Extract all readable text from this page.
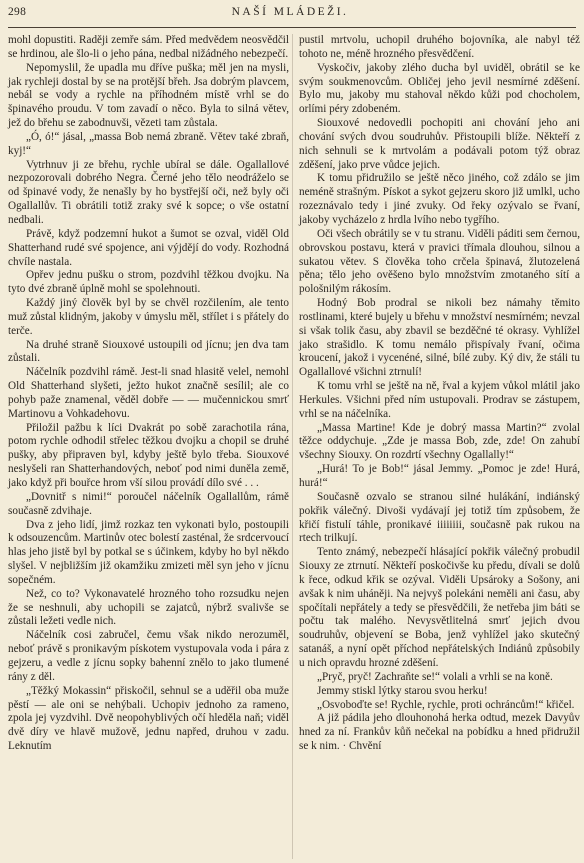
298	NAŠÍ MLÁDEŽI.

mohl dopustiti. Raději zemře sám. Před medvědem neosvědčil se hrdinou, ale šlo-li o jeho pána, nedbal nižádného nebezpečí.

Nepomyslil, že upadla mu dříve puška; měl jen na mysli, jak rychleji dostal by se na protější břeh. Jsa dobrým plavcem, nebál se vody a rychle na příhodném místě vrhl se do špinavého proudu. V tom zavadí o něco. Byla to silná větev, jež do břehu se zabodnuvši, vězeti tam zůstala.

„Ó, ó!“ jásal, „massa Bob nemá zbraně. Větev také zbraň, kyj!“

Vytrhnuv ji ze břehu, rychle ubíral se dále. Ogallallové nezpozorovali dobrého Negra. Černé jeho tělo neodráželo se od špinavé vody, že nenašly by ho bystřejší oči, než byly oči Ogallallův. Ti obrátili totiž zraky své k sopce; o vše ostatní nedbali.

Právě, když podzemní hukot a šumot se ozval, viděl Old Shatterhand rudé své spojence, ani výjdějí do vody. Rozhodná chvíle nastala.

Opřev jednu pušku o strom, pozdvihl těžkou dvojku. Na tyto dvé zbraně úplně mohl se spolehnouti.

Každý jiný člověk byl by se chvěl rozčilením, ale tento muž zůstal klidným, jakoby v úmyslu měl, střílet i s přátely do terče.

Na druhé straně Siouxové ustoupili od jícnu; jen dva tam zůstali.

Náčelník pozdvihl rámě. Jest-li snad hlasitě velel, nemohl Old Shatterhand slyšeti, ježto hukot značně sesílil; ale co pohyb paže znamenal, věděl dobře — — mučennickou smrť Martinovu a Vohkadehovu.

Přiložil pažbu k líci Dvakrát po sobě zarachotila rána, potom rychle odhodil střelec těžkou dvojku a chopil se druhé pušky, aby připraven byl, kdyby ještě bylo třeba. Siouxové neslyšeli ran Shatterhandových, neboť pod nimi duněla země, jako když při bouřce hrom vší silou provádí dílo své . . .

„Dovnitř s nimi!“ poroučel náčelník Ogallallům, rámě současně zdvihaje.

Dva z jeho lidí, jimž rozkaz ten vykonati bylo, postoupili k odsouzencům. Martinův otec bolestí zasténal, že srdcervoucí hlas jeho jistě byl by potkal se s účinkem, kdyby ho byl někdo slyšel. V nejbližším již okamžiku zmizeti měl syn jeho v jícnu sopečném.

Než, co to? Vykonavatelé hrozného toho rozsudku nejen že se neshnuli, aby uchopili se zajatců, nýbrž svalivše se zůstali ležeti vedle nich.

Náčelník cosi zabručel, čemu však nikdo nerozuměl, neboť právě s pronikavým pískotem vystupovala voda i pára z gejzeru, a vedle z jícnu sopky bahenní znělo to jako tlumené rány z děl.

„Těžký Mokassin“ přiskočil, sehnul se a uděřil oba muže pěstí — ale oni se nehýbali. Uchopiv jednoho za rameno, zpola jej vyzdvihl. Dvě neopohyblivých očí hleděla naň; viděl dvě díry ve hlavě mužově, jednu napřed, druhou v zadu. Leknutím

pustil mrtvolu, uchopil druhého bojovníka, ale nabyl též tohoto ne, méně hrozného přesvědčení.

Vyskočiv, jakoby zlého ducha byl uviděl, obrátil se ke svým soukmenovcům. Obličej jeho jevil nesmírné zděšení. Bylo mu, jakoby mu stahoval někdo kůži pod chocholem, orlími péry zdobeném.

Siouxové nedovedli pochopiti ani chování jeho ani chování svých dvou soudruhův. Přistoupili blíže. Někteří z nich sehnuli se k mrtvolám a podávali potom týž obraz zděšení, jako prve vůdce jejich.

K tomu přidružilo se ještě něco jiného, což zdálo se jim neméně strašným. Pískot a sykot gejzeru skoro již umlkl, ucho rozeznávalo tedy i jiné zvuky. Od řeky ozývalo se řvaní, jakoby vycházelo z hrdla lvího nebo tygřího.

Oči všech obrátily se v tu stranu. Viděli páditi sem černou, obrovskou postavu, která v pravici třímala dlouhou, silnou a sukatou větev. S člověka toho crčela špinavá, žlutozelená pěna; tělo jeho ověšeno bylo množstvím zmotaného sítí a pološnilým rákosím.

Hodný Bob prodral se nikoli bez námahy těmito rostlinami, které bujely u břehu v množství nesmírném; nevzal si však tolik času, aby zbavil se bezděčné té okrasy. Vyhlížel jako strašidlo. K tomu nemálo přispívaly řvaní, očima kroucení, jakož i vycenéné, silné, bílé zuby. Ký div, že stáli tu Ogallallové všichni ztrnulí!

K tomu vrhl se ještě na ně, řval a kyjem vůkol mlátil jako Herkules. Všichni před ním ustupovali. Prodrav se zástupem, vrhl se na náčelníka.

„Massa Martine! Kde je dobrý massa Martin?“ zvolal těžce oddychuje. „Zde je massa Bob, zde, zde! On zahubí všechny Siouxy. On rozdrtí všechny Ogallally!“

„Hurá! To je Bob!“ jásal Jemmy. „Pomoc je zde! Hurá, hurá!“

Současně ozvalo se stranou silné hulákání, indiánský pokřik válečný. Divoši vydávají jej totiž tím způsobem, že křičí fistulí táhle, pronikavé iiiiiiii, současně pak rukou na rtech trilkují.

Tento známý, nebezpečí hlásající pokřik válečný probudil Siouxy ze ztrnutí. Někteří poskočivše ku předu, dívali se dolů k řece, odkud křik se ozýval. Viděli Upsároky a Sošony, ani avšak k nim uháněji. Na nejvyš polekáni neměli ani času, aby spočítali nepřátely a tedy se přesvědčili, že netřeba jim báti se počtu tak malého. Nevysvětlitelná smrť jejich dvou soudruhův, objevení se Boba, jenž vyhlížel jako skutečný satanáš, a nyní opět příchod nepřátelských Indiánů způsobily u nich opravdu hrozné zděšení.

„Pryč, pryč! Zachraňte se!“ volali a vrhli se na koně.

Jemmy stiskl lýtky starou svou herku!

„Osvoboďte se! Rychle, rychle, proti ochráncům!“ křičel.

A již pádila jeho dlouhonohá herka odtud, mezek Davyův hned za ní. Frankův kůň nečekal na pobídku a hned přidružil se k nim. · Chvění
